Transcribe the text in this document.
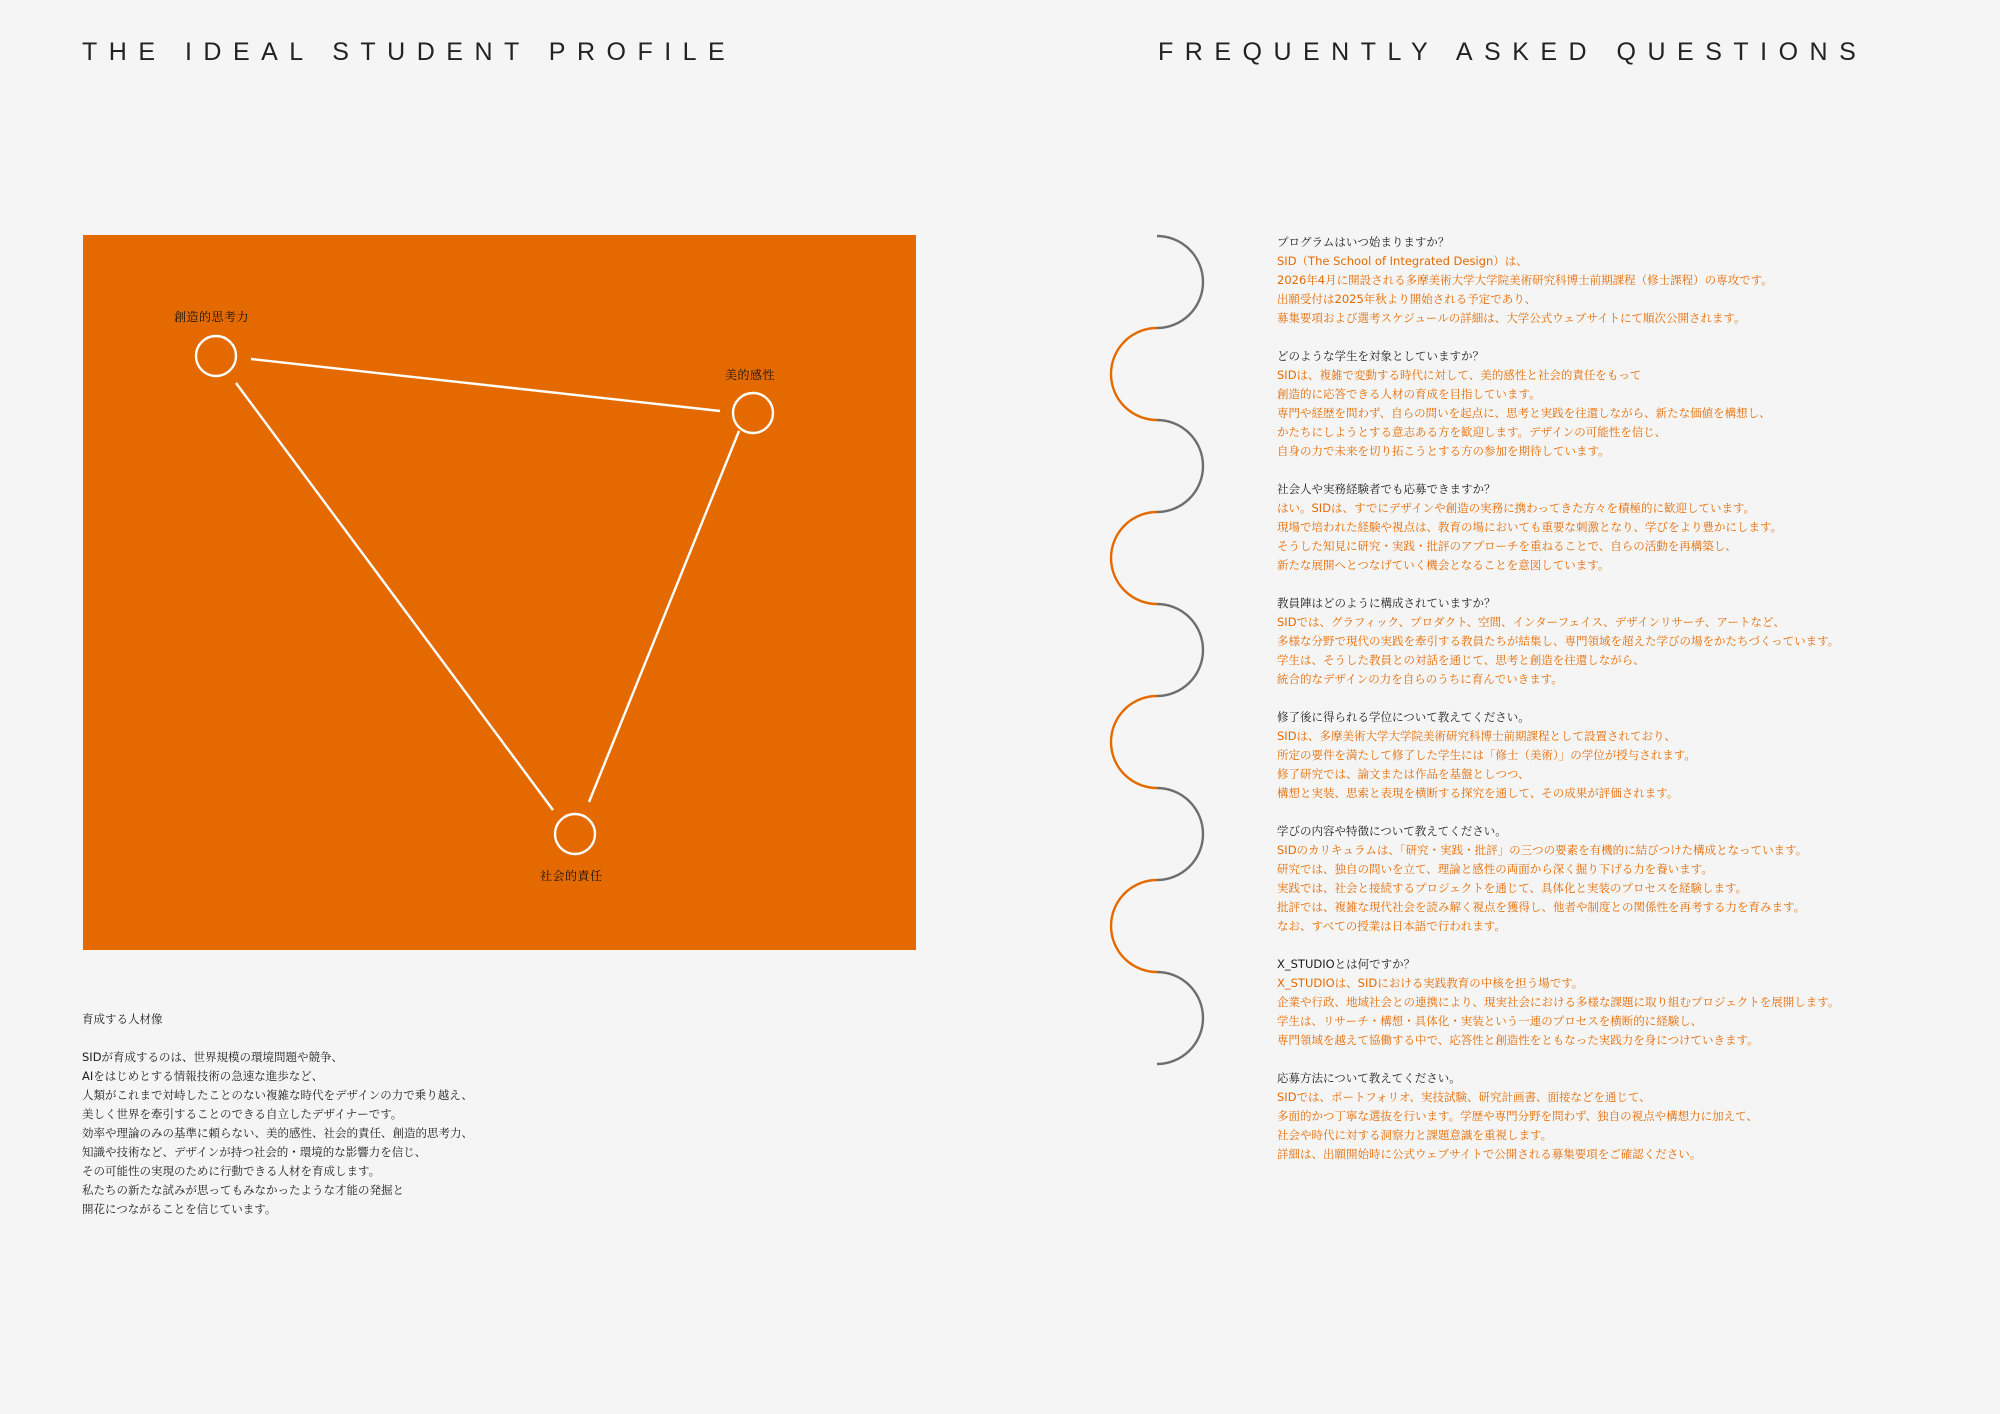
THE IDEAL STUDENT PROFILE	FREQUENTLY ASKED QUESTIONS
創造的思考力
美的感性
社会的責任

育成する人材像

SIDが育成するのは、世界規模の環境問題や競争、

AIをはじめとする情報技術の急速な進歩など、

人類がこれまで対峙したことのない複雑な時代をデザインの力で乗り越え、

美しく世界を牽引することのできる自立したデザイナーです。

効率や理論のみの基準に頼らない、美的感性、社会的責任、創造的思考力、

知識や技術など、デザインが持つ社会的・環境的な影響力を信じ、

その可能性の実現のために行動できる人材を育成します。

私たちの新たな試みが思ってもみなかったような才能の発掘と

開花につながることを信じています。

プログラムはいつ始まりますか？

SID（The School of Integrated Design）は、

2026年4月に開設される多摩美術大学大学院美術研究科博士前期課程（修士課程）の専攻です。

出願受付は2025年秋より開始される予定であり、

募集要項および選考スケジュールの詳細は、大学公式ウェブサイトにて順次公開されます。

どのような学生を対象としていますか？

SIDは、複雑で変動する時代に対して、美的感性と社会的責任をもって

創造的に応答できる人材の育成を目指しています。

専門や経歴を問わず、自らの問いを起点に、思考と実践を往還しながら、新たな価値を構想し、

かたちにしようとする意志ある方を歓迎します。デザインの可能性を信じ、

自身の力で未来を切り拓こうとする方の参加を期待しています。

社会人や実務経験者でも応募できますか？

はい。SIDは、すでにデザインや創造の実務に携わってきた方々を積極的に歓迎しています。

現場で培われた経験や視点は、教育の場においても重要な刺激となり、学びをより豊かにします。

そうした知見に研究・実践・批評のアプローチを重ねることで、自らの活動を再構築し、

新たな展開へとつなげていく機会となることを意図しています。

教員陣はどのように構成されていますか？

SIDでは、グラフィック、プロダクト、空間、インターフェイス、デザインリサーチ、アートなど、

多様な分野で現代の実践を牽引する教員たちが結集し、専門領域を超えた学びの場をかたちづくっています。

学生は、そうした教員との対話を通じて、思考と創造を往還しながら、

統合的なデザインの力を自らのうちに育んでいきます。

修了後に得られる学位について教えてください。

SIDは、多摩美術大学大学院美術研究科博士前期課程として設置されており、

所定の要件を満たして修了した学生には「修士（美術）」の学位が授与されます。

修了研究では、論文または作品を基盤としつつ、

構想と実装、思索と表現を横断する探究を通して、その成果が評価されます。

学びの内容や特徴について教えてください。

SIDのカリキュラムは、「研究・実践・批評」の三つの要素を有機的に結びつけた構成となっています。

研究では、独自の問いを立て、理論と感性の両面から深く掘り下げる力を養います。

実践では、社会と接続するプロジェクトを通じて、具体化と実装のプロセスを経験します。

批評では、複雑な現代社会を読み解く視点を獲得し、他者や制度との関係性を再考する力を育みます。

なお、すべての授業は日本語で行われます。

X_STUDIOとは何ですか？

X_STUDIOは、SIDにおける実践教育の中核を担う場です。

企業や行政、地域社会との連携により、現実社会における多様な課題に取り組むプロジェクトを展開します。

学生は、リサーチ・構想・具体化・実装という一連のプロセスを横断的に経験し、

専門領域を越えて協働する中で、応答性と創造性をともなった実践力を身につけていきます。

応募方法について教えてください。

SIDでは、ポートフォリオ、実技試験、研究計画書、面接などを通じて、

多面的かつ丁寧な選抜を行います。学歴や専門分野を問わず、独自の視点や構想力に加えて、

社会や時代に対する洞察力と課題意識を重視します。

詳細は、出願開始時に公式ウェブサイトで公開される募集要項をご確認ください。
